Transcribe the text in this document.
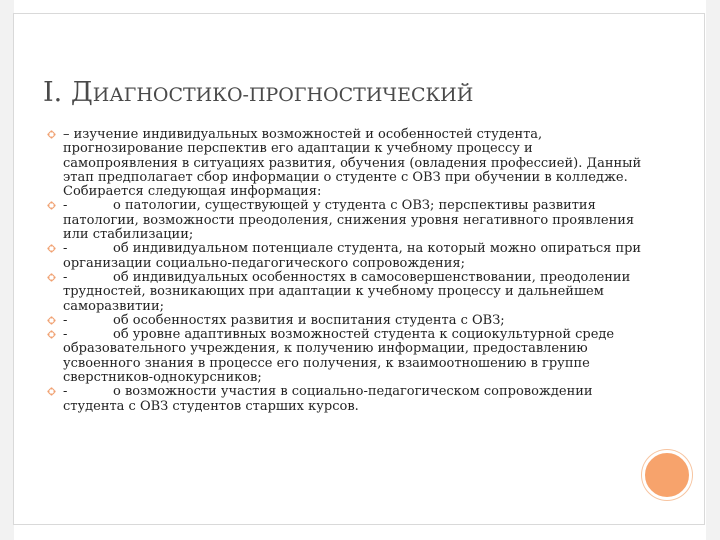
I. ДИАГНОСТИКО-ПРОГНОСТИЧЕСКИЙ
– изучение индивидуальных возможностей и особенностей студента, прогнозирование перспектив его адаптации к учебному процессу и самопроявления в ситуациях развития, обучения (овладения профессией). Данный этап предполагает сбор информации о студенте с ОВЗ при обучении в колледже. Собирается следующая информация:
-	о патологии, существующей у студента с ОВЗ; перспективы развития патологии, возможности преодоления, снижения уровня негативного проявления или стабилизации;
-	об индивидуальном потенциале студента, на который можно опираться при организации социально-педагогического сопровождения;
-	об индивидуальных особенностях в самосовершенствовании, преодолении трудностей, возникающих при адаптации к учебному процессу и дальнейшем саморазвитии;
-	об особенностях развития и воспитания студента с ОВЗ;
-	об уровне адаптивных возможностей студента к социокультурной среде образовательного учреждения, к получению информации, предоставлению усвоенного знания в процессе его получения, к взаимоотношению в группе сверстников-однокурсников;
-	о возможности участия в социально-педагогическом сопровождении студента с ОВЗ студентов старших курсов.
